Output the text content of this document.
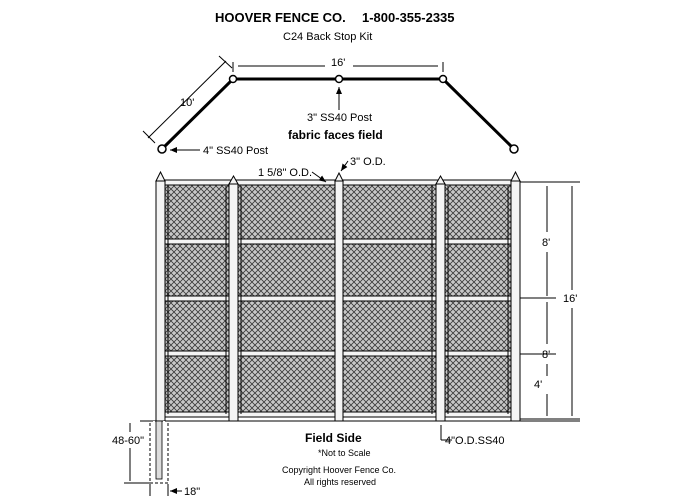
HOOVER FENCE CO. 1-800-355-2335
C24 Back Stop Kit
16'
10'
3" SS40 Post
4" SS40 Post
fabric faces field
1 5/8" O.D.
3" O.D.
8'
16'
8'
4'
48-60"
18"
4"O.D.SS40
Field Side
*Not to Scale
Copyright Hoover Fence Co.
All rights reserved
